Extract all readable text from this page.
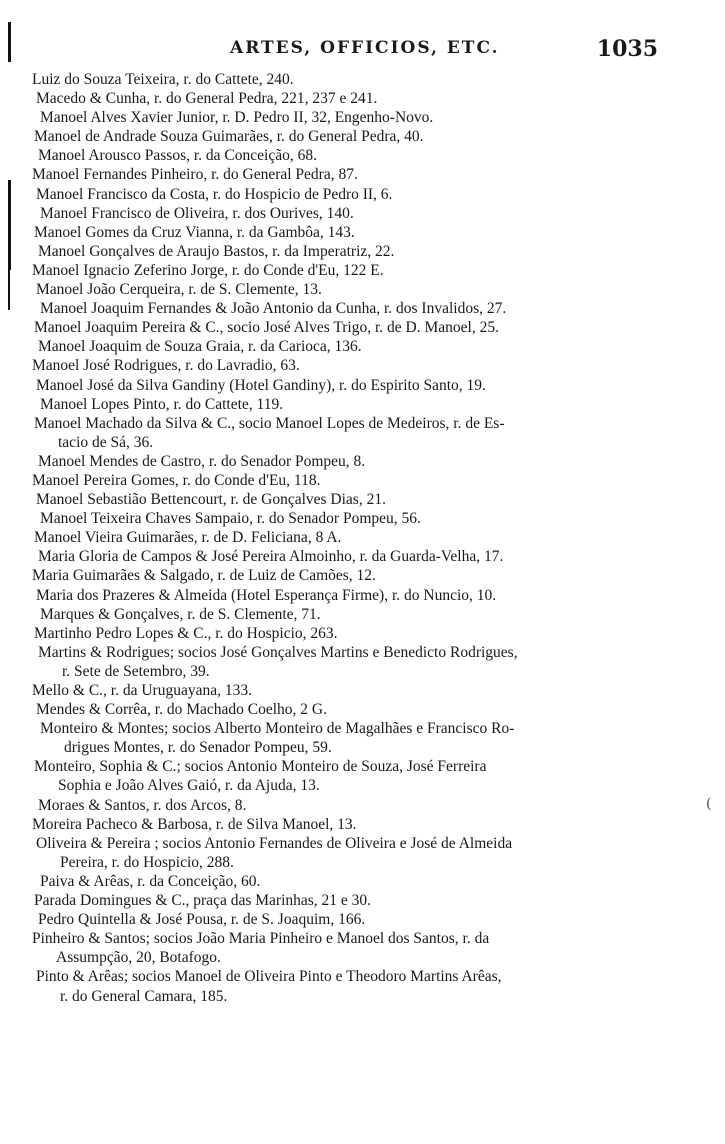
ARTES, OFFICIOS, ETC.	1035
Luiz do Souza Teixeira, r. do Cattete, 240.
Macedo & Cunha, r. do General Pedra, 221, 237 e 241.
Manoel Alves Xavier Junior, r. D. Pedro II, 32, Engenho-Novo.
Manoel de Andrade Souza Guimarães, r. do General Pedra, 40.
Manoel Arousco Passos, r. da Conceição, 68.
Manoel Fernandes Pinheiro, r. do General Pedra, 87.
Manoel Francisco da Costa, r. do Hospicio de Pedro II, 6.
Manoel Francisco de Oliveira, r. dos Ourives, 140.
Manoel Gomes da Cruz Vianna, r. da Gambôa, 143.
Manoel Gonçalves de Araujo Bastos, r. da Imperatriz, 22.
Manoel Ignacio Zeferino Jorge, r. do Conde d'Eu, 122 E.
Manoel João Cerqueira, r. de S. Clemente, 13.
Manoel Joaquim Fernandes & João Antonio da Cunha, r. dos Invalidos, 27.
Manoel Joaquim Pereira & C., socio José Alves Trigo, r. de D. Manoel, 25.
Manoel Joaquim de Souza Graia, r. da Carioca, 136.
Manoel José Rodrigues, r. do Lavradio, 63.
Manoel José da Silva Gandiny (Hotel Gandiny), r. do Espirito Santo, 19.
Manoel Lopes Pinto, r. do Cattete, 119.
Manoel Machado da Silva & C., socio Manoel Lopes de Medeiros, r. de Es-
tacio de Sá, 36.
Manoel Mendes de Castro, r. do Senador Pompeu, 8.
Manoel Pereira Gomes, r. do Conde d'Eu, 118.
Manoel Sebastião Bettencourt, r. de Gonçalves Dias, 21.
Manoel Teixeira Chaves Sampaio, r. do Senador Pompeu, 56.
Manoel Vieira Guimarães, r. de D. Feliciana, 8 A.
Maria Gloria de Campos & José Pereira Almoinho, r. da Guarda-Velha, 17.
Maria Guimarães & Salgado, r. de Luiz de Camões, 12.
Maria dos Prazeres & Almeida (Hotel Esperança Firme), r. do Nuncio, 10.
Marques & Gonçalves, r. de S. Clemente, 71.
Martinho Pedro Lopes & C., r. do Hospicio, 263.
Martins & Rodrigues; socios José Gonçalves Martins e Benedicto Rodrigues,
r. Sete de Setembro, 39.
Mello & C., r. da Uruguayana, 133.
Mendes & Corrêa, r. do Machado Coelho, 2 G.
Monteiro & Montes; socios Alberto Monteiro de Magalhães e Francisco Ro-
drigues Montes, r. do Senador Pompeu, 59.
Monteiro, Sophia & C.; socios Antonio Monteiro de Souza, José Ferreira
Sophia e João Alves Gaió, r. da Ajuda, 13.
Moraes & Santos, r. dos Arcos, 8.
Moreira Pacheco & Barbosa, r. de Silva Manoel, 13.
Oliveira & Pereira ; socios Antonio Fernandes de Oliveira e José de Almeida
Pereira, r. do Hospicio, 288.
Paiva & Arêas, r. da Conceição, 60.
Parada Domingues & C., praça das Marinhas, 21 e 30.
Pedro Quintella & José Pousa, r. de S. Joaquim, 166.
Pinheiro & Santos; socios João Maria Pinheiro e Manoel dos Santos, r. da
Assumpção, 20, Botafogo.
Pinto & Arêas; socios Manoel de Oliveira Pinto e Theodoro Martins Arêas,
r. do General Camara, 185.
(
